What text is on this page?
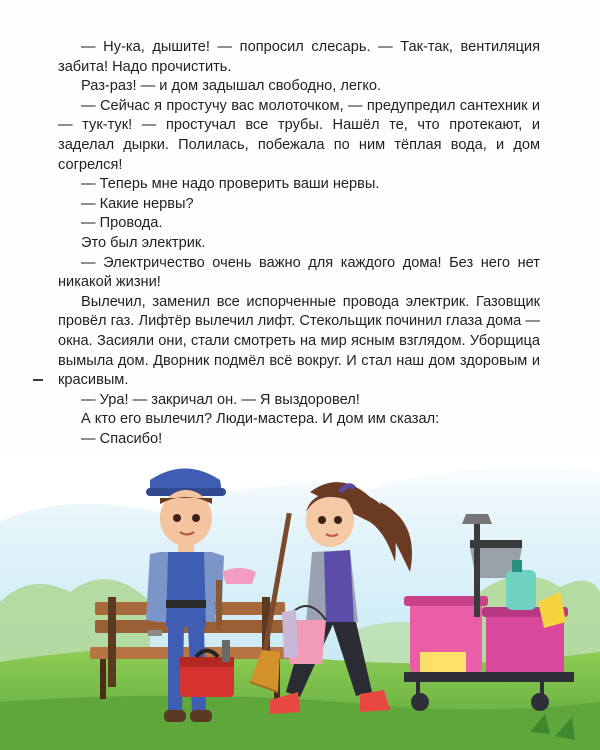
— Ну-ка, дышите! — попросил слесарь. — Так-так, вентиляция забита! Надо прочистить.

Раз-раз! — и дом задышал свободно, легко.

— Сейчас я простучу вас молоточком, — предупредил сантехник и — тук-тук! — простучал все трубы. Нашёл те, что протекают, и заделал дырки. Полилась, побежала по ним тёплая вода, и дом согрелся!

— Теперь мне надо проверить ваши нервы.

— Какие нервы?

— Провода.

Это был электрик.

— Электричество очень важно для каждого дома! Без него нет никакой жизни!

Вылечил, заменил все испорченные провода электрик. Газовщик провёл газ. Лифтёр вылечил лифт. Стекольщик починил глаза дома — окна. Засияли они, стали смотреть на мир ясным взглядом. Уборщица вымыла дом. Дворник подмёл всё вокруг. И стал наш дом здоровым и красивым.

— Ура! — закричал он. — Я выздоровел!

А кто его вылечил? Люди-мастера. И дом им сказал:

— Спасибо!
